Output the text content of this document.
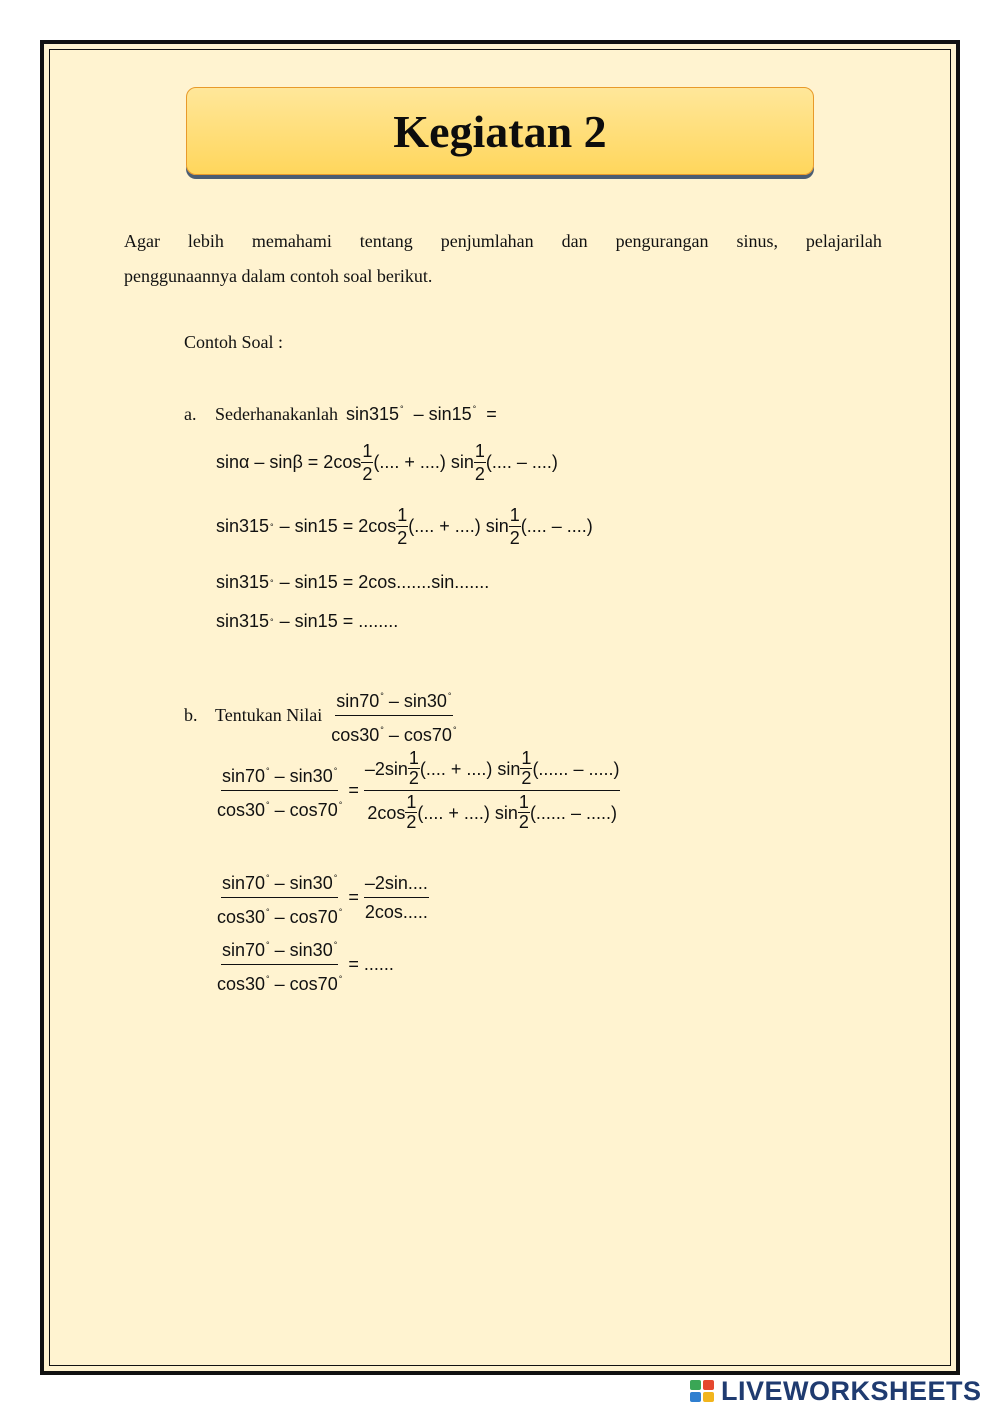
Kegiatan 2
Agar lebih memahami tentang penjumlahan dan pengurangan sinus, pelajarilah
penggunaannya dalam contoh soal berikut.
Contoh Soal :
a.	Sederhanakanlah sin315° – sin15° =
$\sin\alpha - \sin\beta = 2\cos \frac{1}{2}$ (.... + ....) $\sin \frac{1}{2}$ (.... – ....)
sin315 ° – $\sin 15 = 2\cos \frac{1}{2}$ (.... + ....) $\sin \frac{1}{2}$ (.... – ....)
sin315 ° – sin15 = 2cos.......sin.......
sin315 ° – sin15 = ........
b. Tentukan Nilai $\frac{\sin 70^\circ - \sin 30^\circ}{\cos 30^\circ - \cos 70^\circ}$
$\frac{\sin 70^\circ - \sin 30^\circ}{\cos 30^\circ - \cos 70^\circ}$ =
$-2\sin \frac{1}{2}$ (.... + ....) $\sin \frac{1}{2}$ (...... – .....)
$2\cos \frac{1}{2}$ (.... + ....) $\sin \frac{1}{2}$ (...... – .....)
$\frac{\sin 70^\circ - \sin 30^\circ}{\cos 30^\circ - \cos 70^\circ} = \frac{-2\sin....}{2\cos.....}$
$\frac{\sin 70^\circ - \sin 30^\circ}{\cos 30^\circ - \cos 70^\circ}$ = ......
LIVEWORKSHEETS
